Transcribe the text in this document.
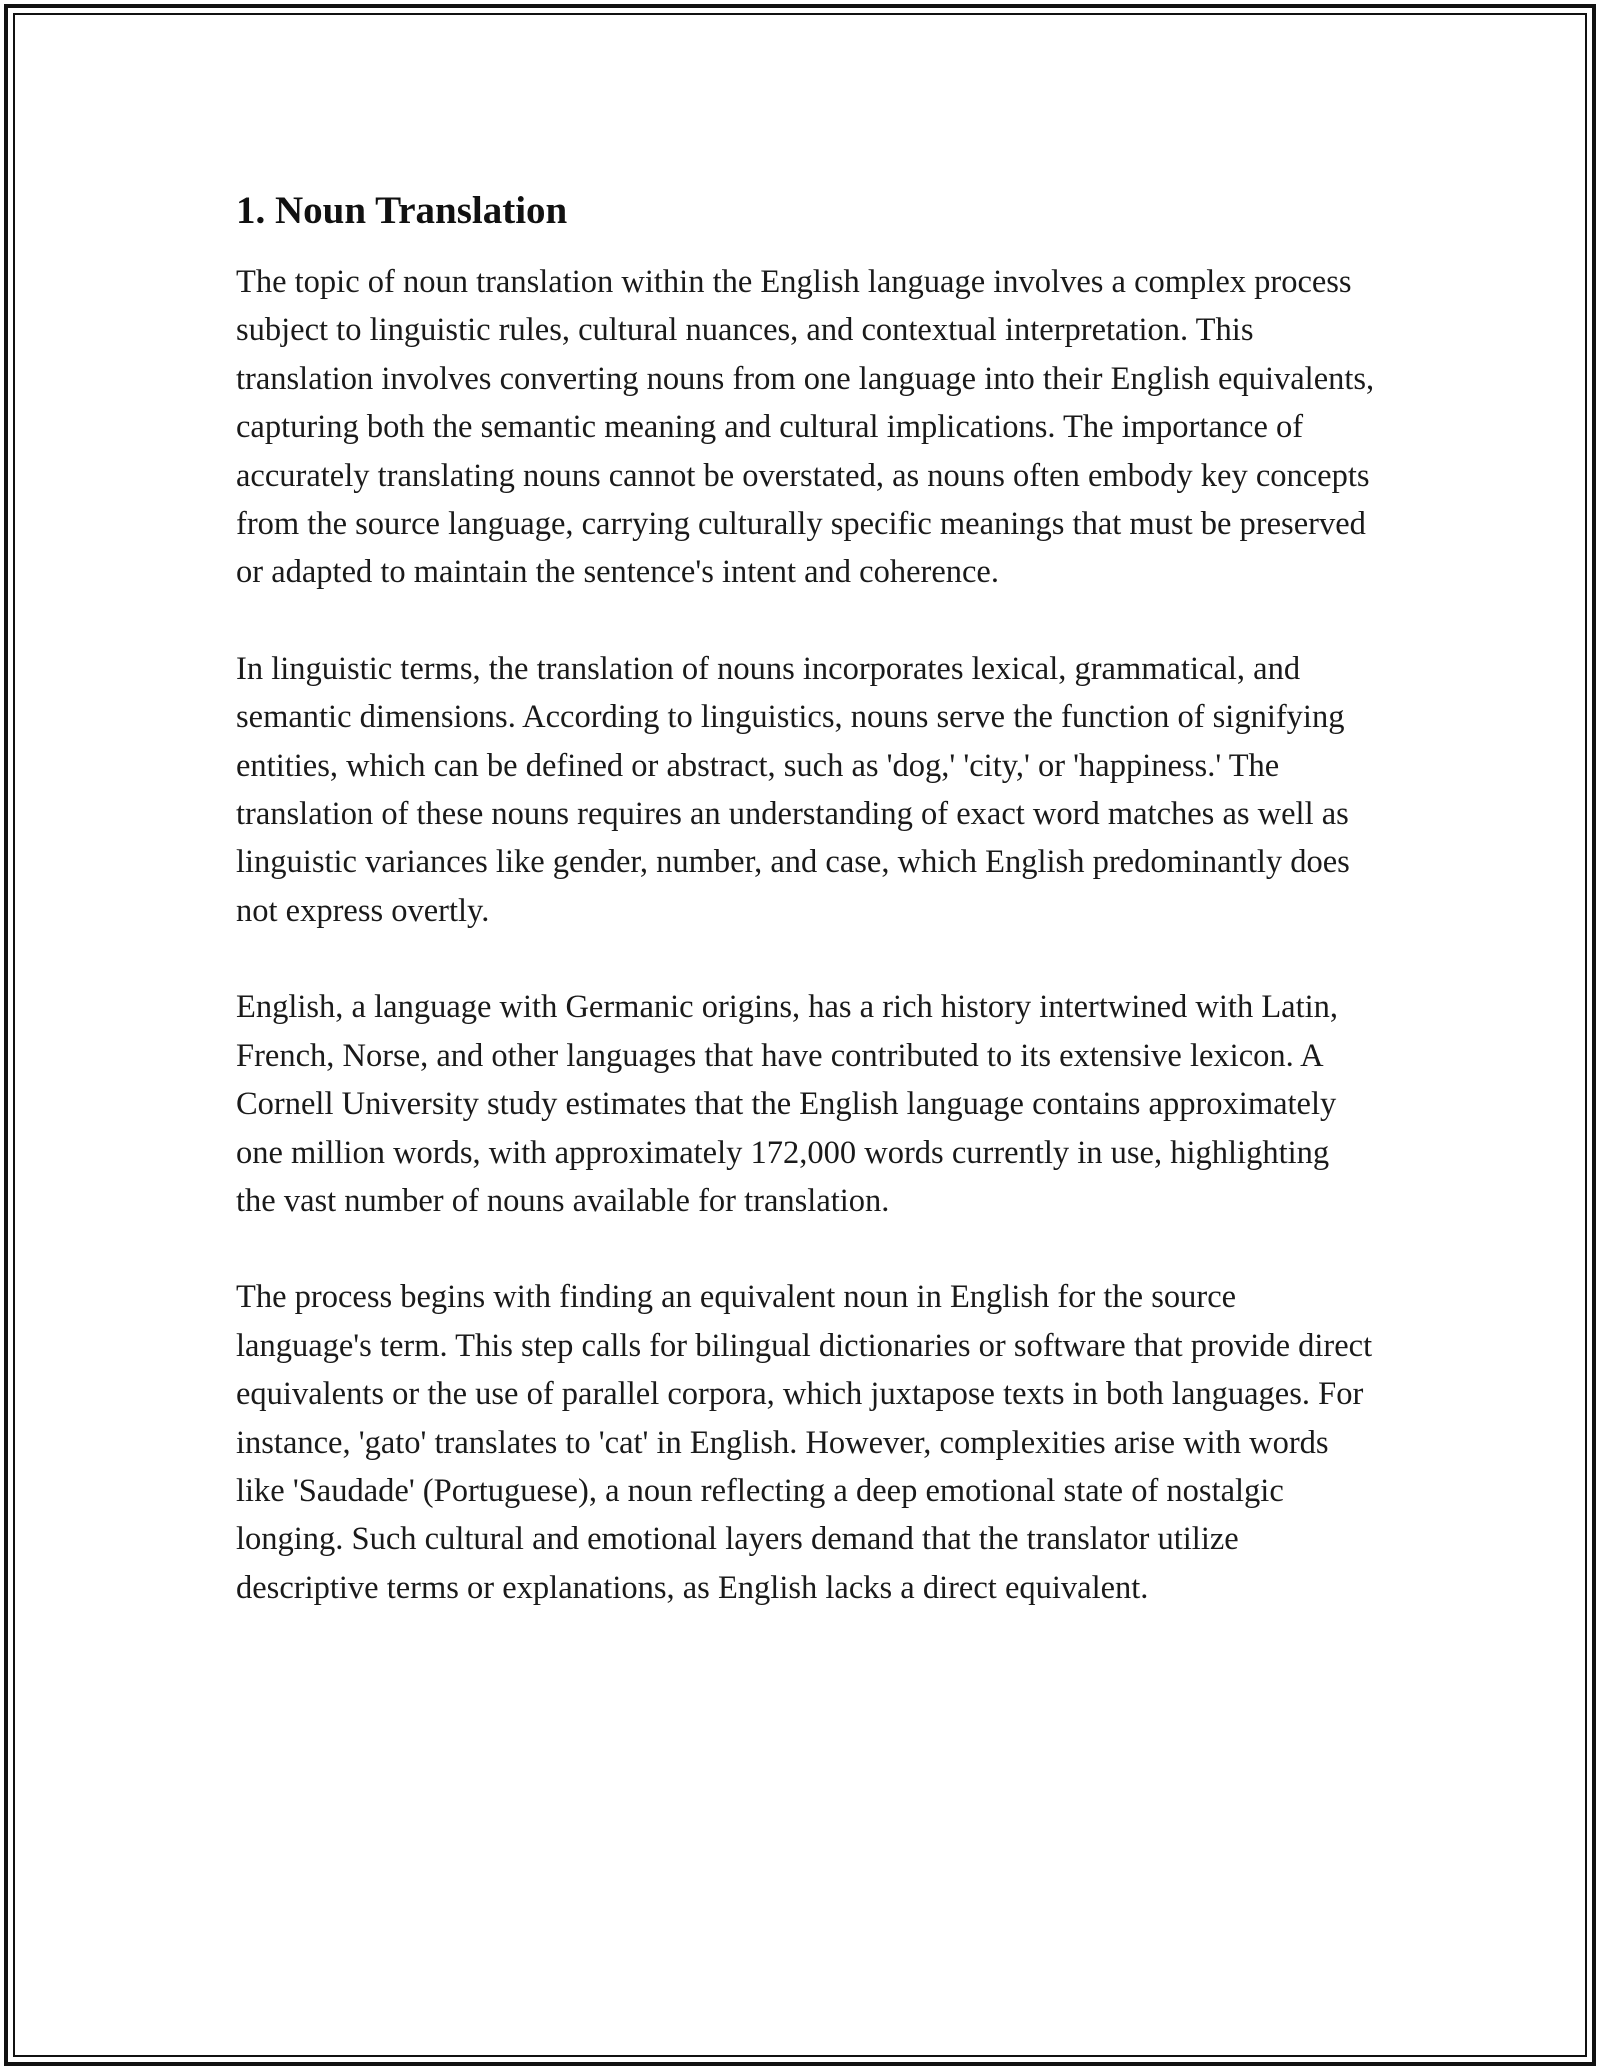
1. Noun Translation

The topic of noun translation within the English language involves a complex process subject to linguistic rules, cultural nuances, and contextual interpretation. This translation involves converting nouns from one language into their English equivalents, capturing both the semantic meaning and cultural implications. The importance of accurately translating nouns cannot be overstated, as nouns often embody key concepts from the source language, carrying culturally specific meanings that must be preserved or adapted to maintain the sentence's intent and coherence.

In linguistic terms, the translation of nouns incorporates lexical, grammatical, and semantic dimensions. According to linguistics, nouns serve the function of signifying entities, which can be defined or abstract, such as 'dog,' 'city,' or 'happiness.' The translation of these nouns requires an understanding of exact word matches as well as linguistic variances like gender, number, and case, which English predominantly does not express overtly.

English, a language with Germanic origins, has a rich history intertwined with Latin, French, Norse, and other languages that have contributed to its extensive lexicon. A Cornell University study estimates that the English language contains approximately one million words, with approximately 172,000 words currently in use, highlighting the vast number of nouns available for translation.

The process begins with finding an equivalent noun in English for the source language's term. This step calls for bilingual dictionaries or software that provide direct equivalents or the use of parallel corpora, which juxtapose texts in both languages. For instance, 'gato' translates to 'cat' in English. However, complexities arise with words like 'Saudade' (Portuguese), a noun reflecting a deep emotional state of nostalgic longing. Such cultural and emotional layers demand that the translator utilize descriptive terms or explanations, as English lacks a direct equivalent.
